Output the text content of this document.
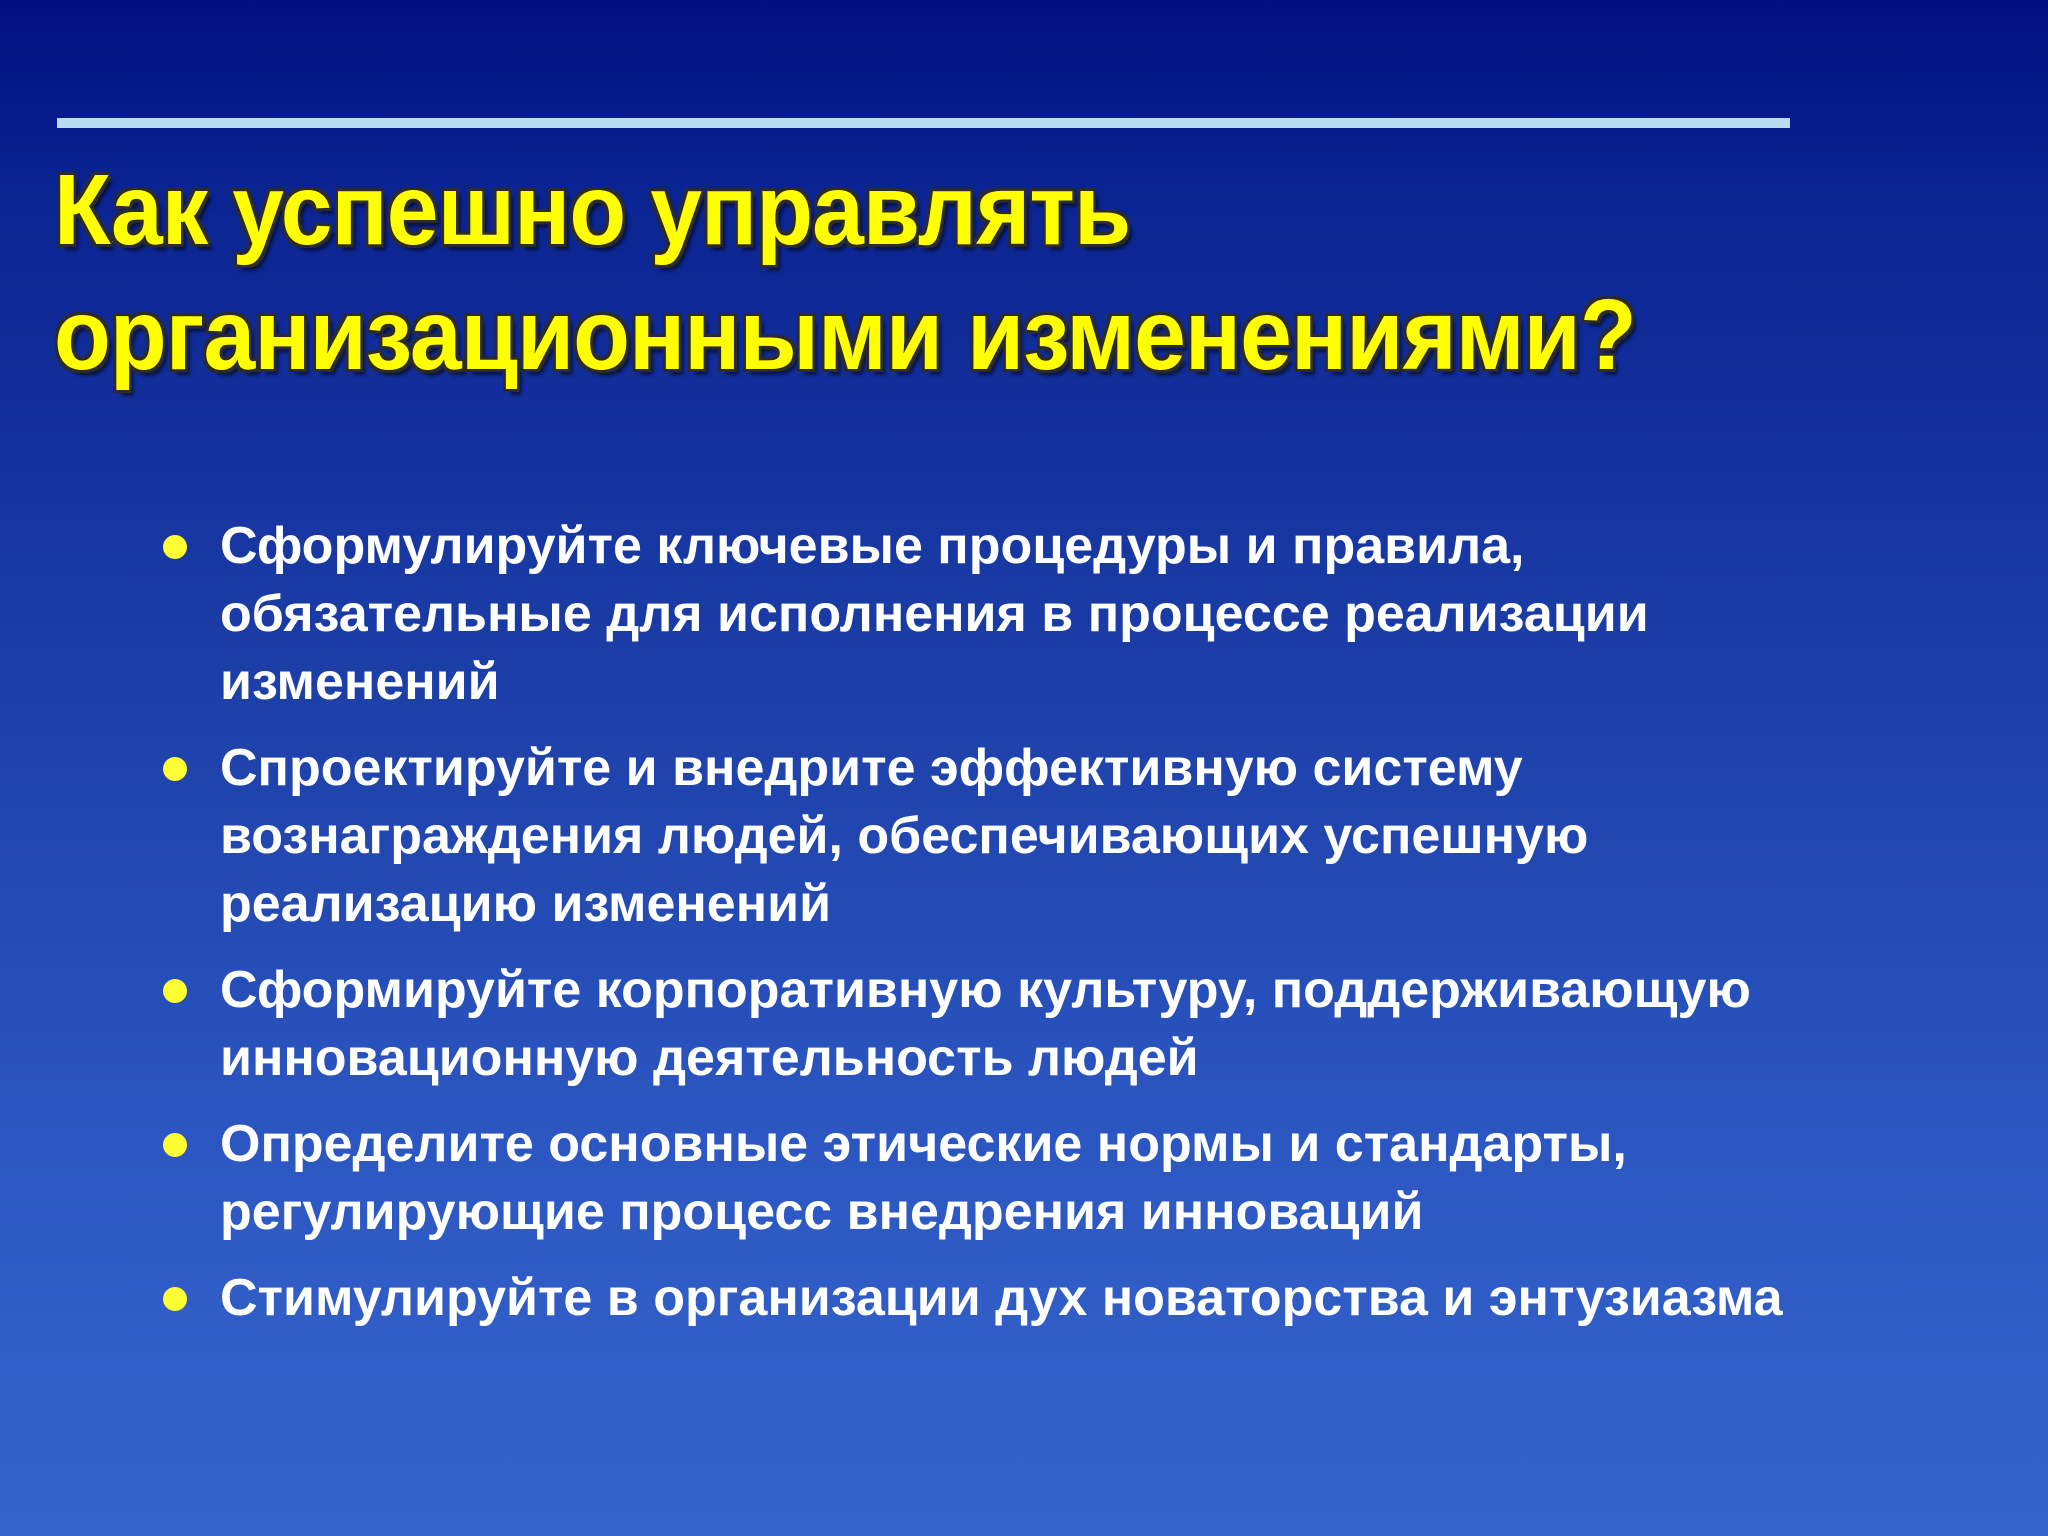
Как успешно управлять
организационными изменениями?
Сформулируйте ключевые процедуры и правила,
обязательные для исполнения в процессе реализации
изменений
Спроектируйте и внедрите эффективную систему
вознаграждения людей, обеспечивающих успешную
реализацию изменений
Сформируйте корпоративную культуру, поддерживающую
инновационную деятельность людей
Определите основные этические нормы и стандарты,
регулирующие процесс внедрения инноваций
Стимулируйте в организации дух новаторства и энтузиазма
